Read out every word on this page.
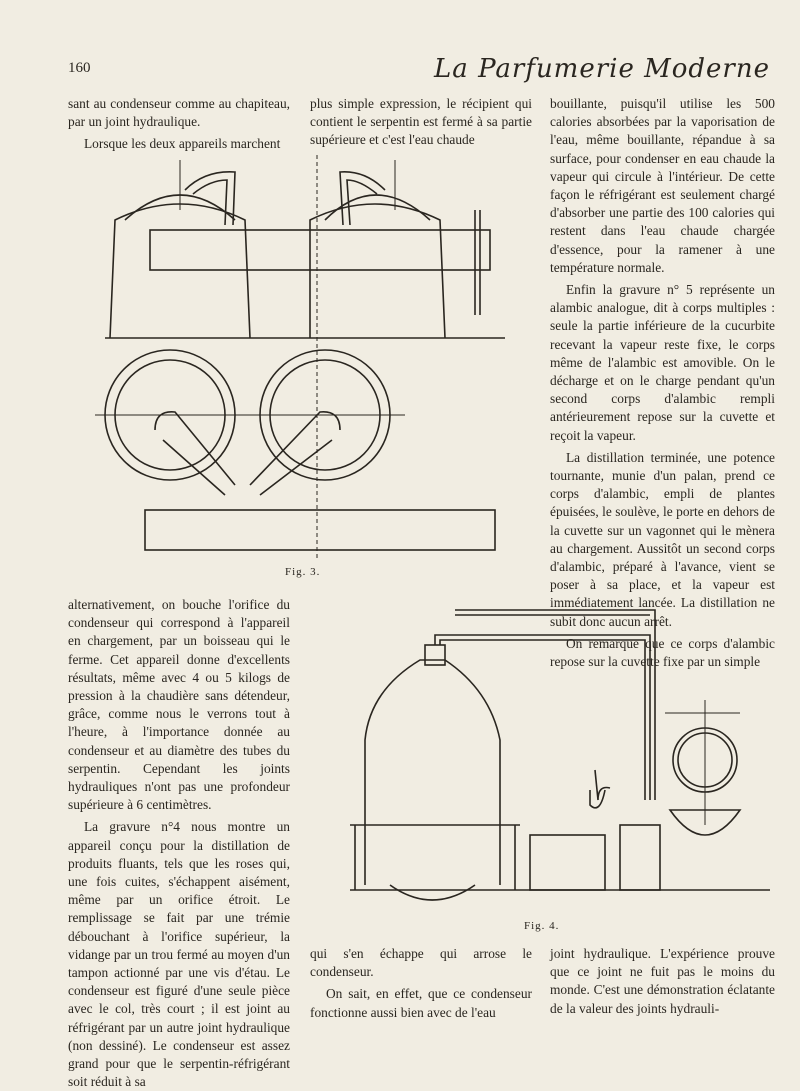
160	La Parfumerie Moderne

sant au condenseur comme au chapiteau, par un joint hydraulique.

Lorsque les deux appareils marchent

plus simple expression, le récipient qui contient le serpentin est fermé à sa partie supérieure et c'est l'eau chaude

bouillante, puisqu'il utilise les 500 calories absorbées par la vaporisation de l'eau, même bouillante, répandue à sa surface, pour condenser en eau chaude la vapeur qui circule à l'intérieur. De cette façon le réfrigérant est seulement chargé d'absorber une partie des 100 calories qui restent dans l'eau chaude chargée d'essence, pour la ramener à une température normale.

Enfin la gravure n° 5 représente un alambic analogue, dit à corps multiples : seule la partie inférieure de la cucurbite recevant la vapeur reste fixe, le corps même de l'alambic est amovible. On le décharge et on le charge pendant qu'un second corps d'alambic rempli antérieurement repose sur la cuvette et reçoit la vapeur.

La distillation terminée, une potence tournante, munie d'un palan, prend ce corps d'alambic, empli de plantes épuisées, le soulève, le porte en dehors de la cuvette sur un vagonnet qui le mènera au chargement. Aussitôt un second corps d'alambic, préparé à l'avance, vient se poser à sa place, et la vapeur est immédiatement lancée. La distillation ne subit donc aucun arrêt.

On remarque que ce corps d'alambic repose sur la cuvette fixe par un simple

Fig. 3.

alternativement, on bouche l'orifice du condenseur qui correspond à l'appareil en chargement, par un boisseau qui le ferme. Cet appareil donne d'excellents résultats, même avec 4 ou 5 kilogs de pression à la chaudière sans détendeur, grâce, comme nous le verrons tout à l'heure, à l'importance donnée au condenseur et au diamètre des tubes du serpentin. Cependant les joints hydrauliques n'ont pas une profondeur supérieure à 6 centimètres.

La gravure n°4 nous montre un appareil conçu pour la distillation de produits fluants, tels que les roses qui, une fois cuites, s'échappent aisément, même par un orifice étroit. Le remplissage se fait par une trémie débouchant à l'orifice supérieur, la vidange par un trou fermé au moyen d'un tampon actionné par une vis d'étau. Le condenseur est figuré d'une seule pièce avec le col, très court ; il est joint au réfrigérant par un autre joint hydraulique (non dessiné). Le condenseur est assez grand pour que le serpentin-réfrigérant soit réduit à sa

Fig. 4.

qui s'en échappe qui arrose le condenseur.

On sait, en effet, que ce condenseur fonctionne aussi bien avec de l'eau

joint hydraulique. L'expérience prouve que ce joint ne fuit pas le moins du monde. C'est une démonstration éclatante de la valeur des joints hydrauli-
